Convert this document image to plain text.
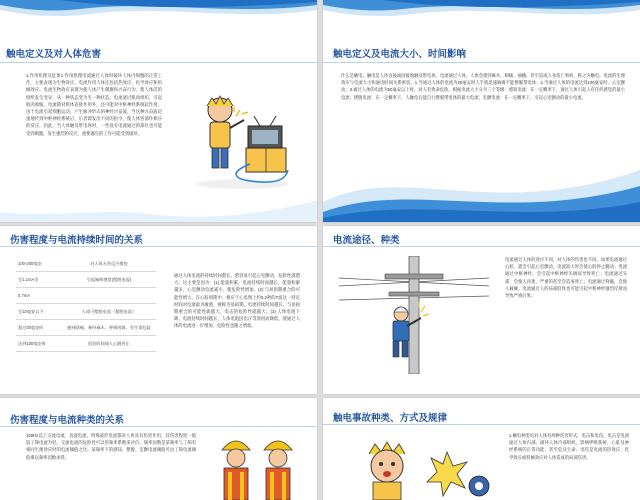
触电定义及对人体危害
1.作用机理及征象1.作用机理电流通过人体时破坏人体内细胞的正常工作，主要表现为生物效应。电流作用人体还包括热效应、化学效应和机械效应。电流生物效应表现为使人体产生刺激和兴奋行为，使人体活的组织发生变异，从一种状态变为另一种状态。电流通过肌肉组织，引起肌肉收缩。电流除对机体直接作用外，还可能对中枢神经系统起作用。由于电流引起细胞运动，产生脉冲形式的神经兴奋波，当这种兴奋波迅速地传到中枢神经系统后，后者即发出不同的指令，使人体各部作相应的反应。因此，当人体触及带电体时，一些没有电流通过的部位也可能受到刺激，发生强烈的反应，重要器官的工作可能受到破坏。
触电定义及电流大小、时间影响
什么是触电，触电是人体直接或间接地触及带电体，电流通过人体，人体会感到麻木、刺痛、抽搐，甚至造成人身伤亡事故，称之为触电。电流的生理效应与电流大小和通电时间关系密切。1.当通过人体的电流为20毫安时人手就迅速麻痹不能摆脱带电体；2.当通过人体的电流达到100毫安时，心室颤动；3.通过人体的电流为50毫安以上时，对人有致命危险。根据电流大小分为三个等级：感知电流：在一定概率下，通过人体引起人有任何感觉的最小电流；摆脱电流：在一定概率下，人触电后能自行摆脱带电体的最大电流；室颤电流：在一定概率下，引起心室颤动的最小电流。
伤害程度与电流持续时间的关系
100-200毫安	对人体无害反应敏锐
至1.1mA至	引起麻痹感觉(摆脱电流)
0.7mA	
至10毫安以下	人或可摆脱电流（摆脱电流）
超过30毫安时	感到剧痛，神经麻木，呼吸困难，有生命危险
达到100毫安时	很短时间使人心跳停止
通过人体电流的持续时间愈长，愈容易引起心室颤动，危险性就愈大。这主要是因为：(1) 能量积累。电流持续时间越长，能量积累越多，心室颤动电流减小，使危险性增加。(2) 与易损期重合的可能性增大。在心脏周期中，相应于心电图上约0.2秒的T波这一特定时间对电流最为敏感，被称为易损期。电流持续时间越长，与易损期重合的可能性就越大，电击的危险性就越大。(3) 人体电阻下降。电流持续时间越长，人体电阻因出汗等原因而降低，使通过人体的电流进一步增加，危险性也随之增加。
电流途径、种类
电流通过人体的途径不同，对人体的伤害也不同。如果电流通过心脏，就会引起心室颤动，电流较大时会使心脏停止跳动；电流通过中枢神经，会引起中枢神经失调而导致死亡；电流通过头部，会使人昏迷，严重的甚至会造成死亡；电流通过脊髓，会使人截瘫。电流通过人的局部肢体也可能引起中枢神经强烈反射而导致严重后果。
伤害程度与电流种类的关系
100Hz以上交流电流、直流电流、特殊波形电流都对人体具有伤害作用，其伤害程度一般较工频电流为轻。交流电流的危险性可以用频率系数来评价。频率因数是某频率与工频有相同生理效应时的电流阈值之比。某频率下的感知、摆脱、室颤电流阈值可由工频电流阈值乘以频率因数求得。
触电事故种类、方式及规律
1.触电种类电对人体有两种伤害形式，电击和电伤。电击是电流通过人体内部，破坏人体内部组织，影响呼吸系统、心脏及神经系统的正常功能，甚至危及生命。电伤是电流的热效应、化学效应或机械效应对人体造成的局部伤害。
